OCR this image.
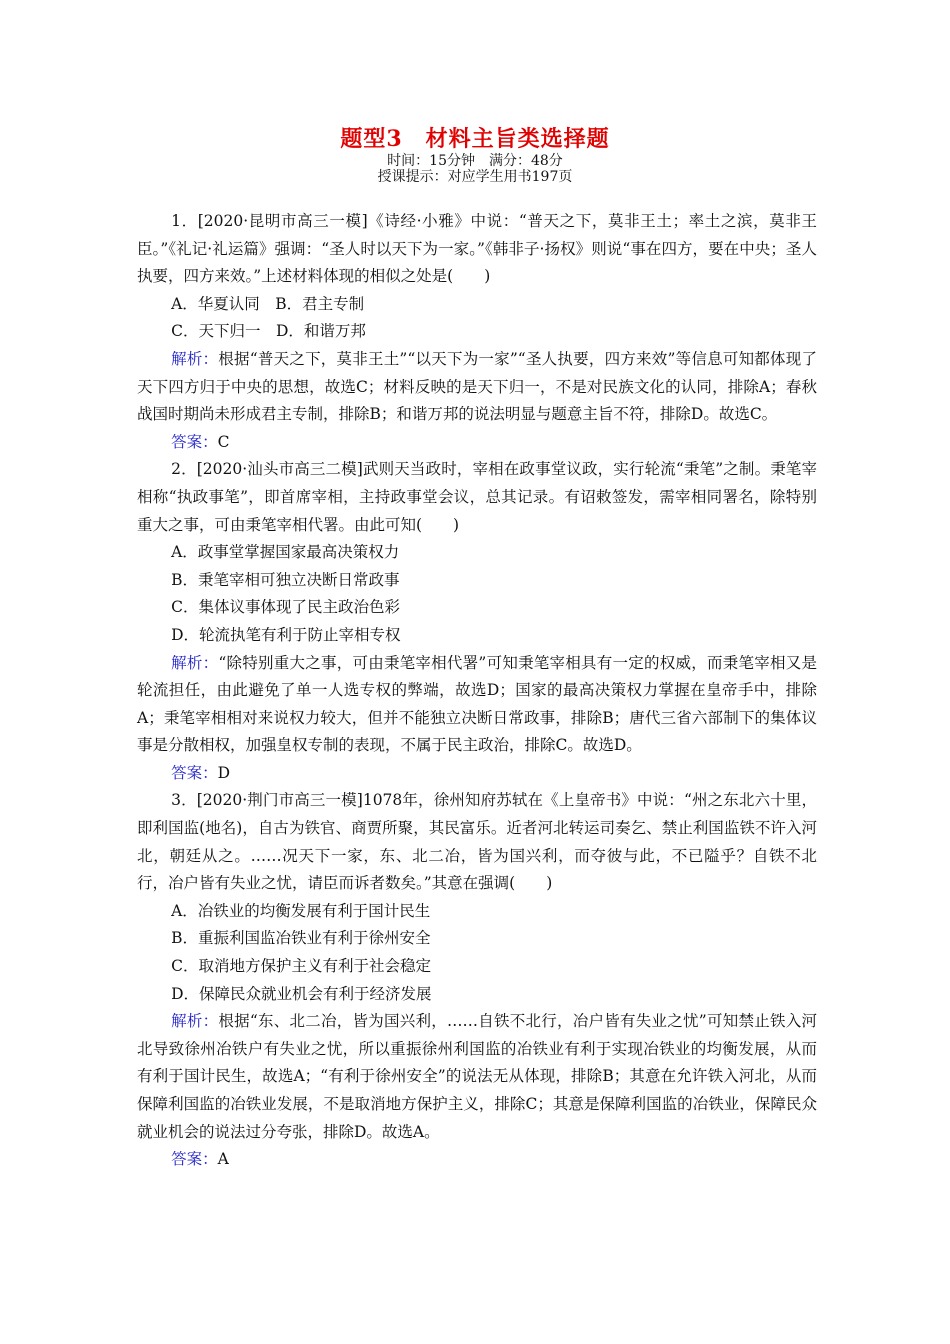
题型3　材料主旨类选择题
时间：15分钟　满分：48分
授课提示：对应学生用书197页

1．[2020·昆明市高三一模]《诗经·小雅》中说：“普天之下，莫非王土；率土之滨，莫非王臣。”《礼记·礼运篇》强调：“圣人时以天下为一家。”《韩非子·扬权》则说“事在四方，要在中央；圣人执要，四方来效。”上述材料体现的相似之处是(　　)

A．华夏认同　B．君主专制

C．天下归一　D．和谐万邦

解析：根据“普天之下，莫非王土”“以天下为一家”“圣人执要，四方来效”等信息可知都体现了天下四方归于中央的思想，故选C；材料反映的是天下归一，不是对民族文化的认同，排除A；春秋战国时期尚未形成君主专制，排除B；和谐万邦的说法明显与题意主旨不符，排除D。故选C。

答案：C

2．[2020·汕头市高三二模]武则天当政时，宰相在政事堂议政，实行轮流“秉笔”之制。秉笔宰相称“执政事笔”，即首席宰相，主持政事堂会议，总其记录。有诏敕签发，需宰相同署名，除特别重大之事，可由秉笔宰相代署。由此可知(　　)

A．政事堂掌握国家最高决策权力

B．秉笔宰相可独立决断日常政事

C．集体议事体现了民主政治色彩

D．轮流执笔有利于防止宰相专权

解析：“除特别重大之事，可由秉笔宰相代署”可知秉笔宰相具有一定的权威，而秉笔宰相又是轮流担任，由此避免了单一人选专权的弊端，故选D；国家的最高决策权力掌握在皇帝手中，排除A；秉笔宰相相对来说权力较大，但并不能独立决断日常政事，排除B；唐代三省六部制下的集体议事是分散相权，加强皇权专制的表现，不属于民主政治，排除C。故选D。

答案：D

3．[2020·荆门市高三一模]1078年，徐州知府苏轼在《上皇帝书》中说：“州之东北六十里，即利国监(地名)，自古为铁官、商贾所聚，其民富乐。近者河北转运司奏乞、禁止利国监铁不许入河北，朝廷从之。……况天下一家，东、北二冶，皆为国兴利，而夺彼与此，不已隘乎？自铁不北行，冶户皆有失业之忧，请臣而诉者数矣。”其意在强调(　　)

A．冶铁业的均衡发展有利于国计民生

B．重振利国监冶铁业有利于徐州安全

C．取消地方保护主义有利于社会稳定

D．保障民众就业机会有利于经济发展

解析：根据“东、北二冶，皆为国兴利，……自铁不北行，冶户皆有失业之忧”可知禁止铁入河北导致徐州冶铁户有失业之忧，所以重振徐州利国监的冶铁业有利于实现冶铁业的均衡发展，从而有利于国计民生，故选A；“有利于徐州安全”的说法无从体现，排除B；其意在允许铁入河北，从而保障利国监的冶铁业发展，不是取消地方保护主义，排除C；其意是保障利国监的冶铁业，保障民众就业机会的说法过分夸张，排除D。故选A。

答案：A
